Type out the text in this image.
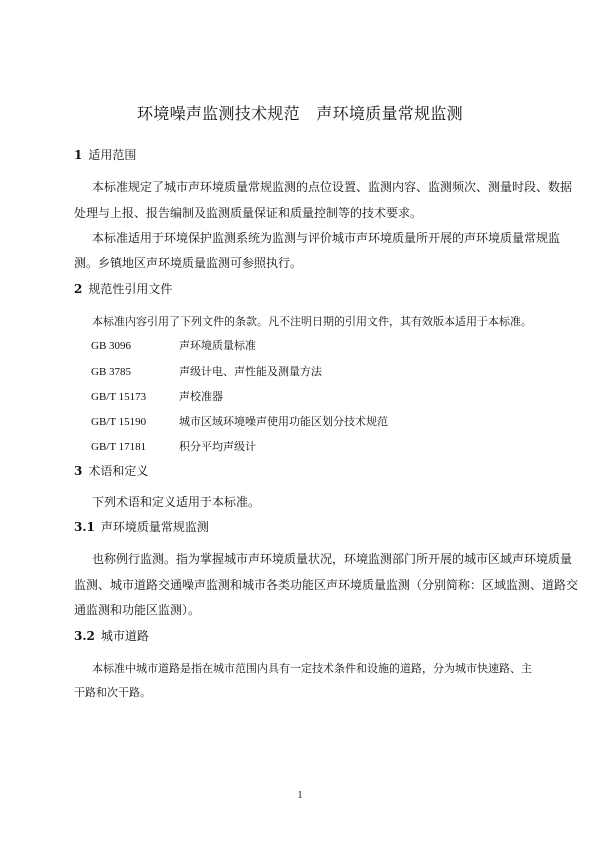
环境噪声监测技术规范　声环境质量常规监测
1 适用范围
本标准规定了城市声环境质量常规监测的点位设置、监测内容、监测频次、测量时段、数据
处理与上报、报告编制及监测质量保证和质量控制等的技术要求。
本标准适用于环境保护监测系统为监测与评价城市声环境质量所开展的声环境质量常规监
测。乡镇地区声环境质量监测可参照执行。
2 规范性引用文件
本标准内容引用了下列文件的条款。凡不注明日期的引用文件，其有效版本适用于本标准。
GB 3096	声环境质量标准
GB 3785	声级计电、声性能及测量方法
GB/T 15173	声校准器
GB/T 15190	城市区域环境噪声使用功能区划分技术规范
GB/T 17181	积分平均声级计
3 术语和定义
下列术语和定义适用于本标准。
3.1 声环境质量常规监测
也称例行监测。指为掌握城市声环境质量状况，环境监测部门所开展的城市区域声环境质量
监测、城市道路交通噪声监测和城市各类功能区声环境质量监测（分别简称：区域监测、道路交
通监测和功能区监测）。
3.2 城市道路
本标准中城市道路是指在城市范围内具有一定技术条件和设施的道路，分为城市快速路、主
干路和次干路。
1
